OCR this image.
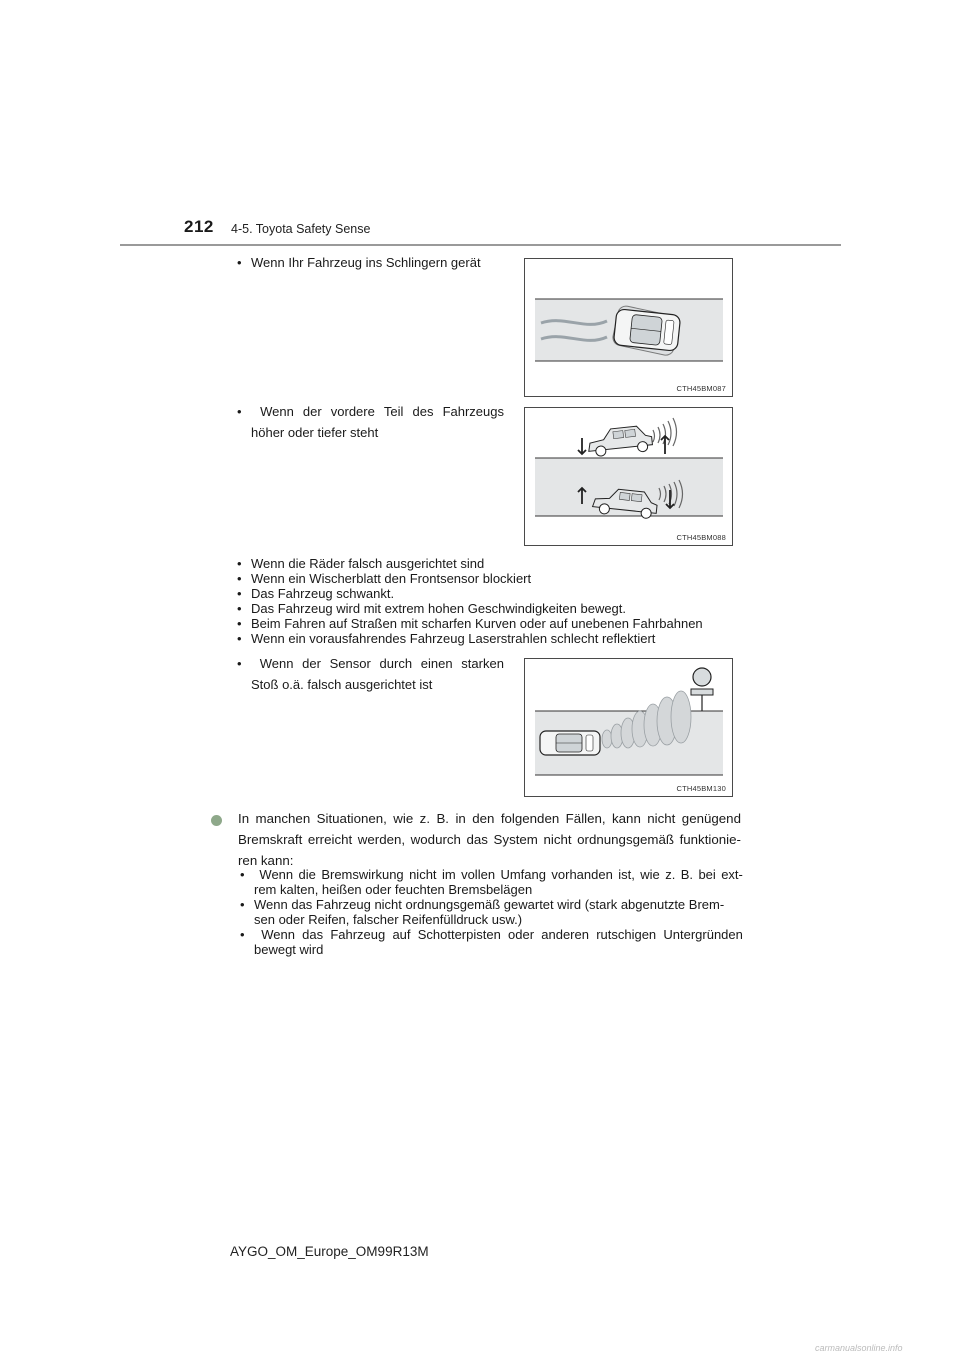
212 4-5. Toyota Safety Sense
• Wenn Ihr Fahrzeug ins Schlingern gerät
CTH45BM087
•	Wenn der vordere Teil des Fahrzeugs
höher oder tiefer steht
CTH45BM088
• Wenn die Räder falsch ausgerichtet sind
• Wenn ein Wischerblatt den Frontsensor blockiert
• Das Fahrzeug schwankt.
• Das Fahrzeug wird mit extrem hohen Geschwindigkeiten bewegt.
• Beim Fahren auf Straßen mit scharfen Kurven oder auf unebenen Fahrbahnen
• Wenn ein vorausfahrendes Fahrzeug Laserstrahlen schlecht reflektiert
•	Wenn der Sensor durch einen starken
Stoß o.ä. falsch ausgerichtet ist
CTH45BM130
In manchen Situationen, wie z. B. in den folgenden Fällen, kann nicht genügend
Bremskraft erreicht werden, wodurch das System nicht ordnungsgemäß funktionie-
ren kann:
•	Wenn die Bremswirkung nicht im vollen Umfang vorhanden ist, wie z. B. bei ext-
rem kalten, heißen oder feuchten Bremsbelägen
• Wenn das Fahrzeug nicht ordnungsgemäß gewartet wird (stark abgenutzte Brem-
sen oder Reifen, falscher Reifenfülldruck usw.)
•	Wenn das Fahrzeug auf Schotterpisten oder anderen rutschigen Untergründen
bewegt wird
AYGO_OM_Europe_OM99R13M
carmanualsonline.info
